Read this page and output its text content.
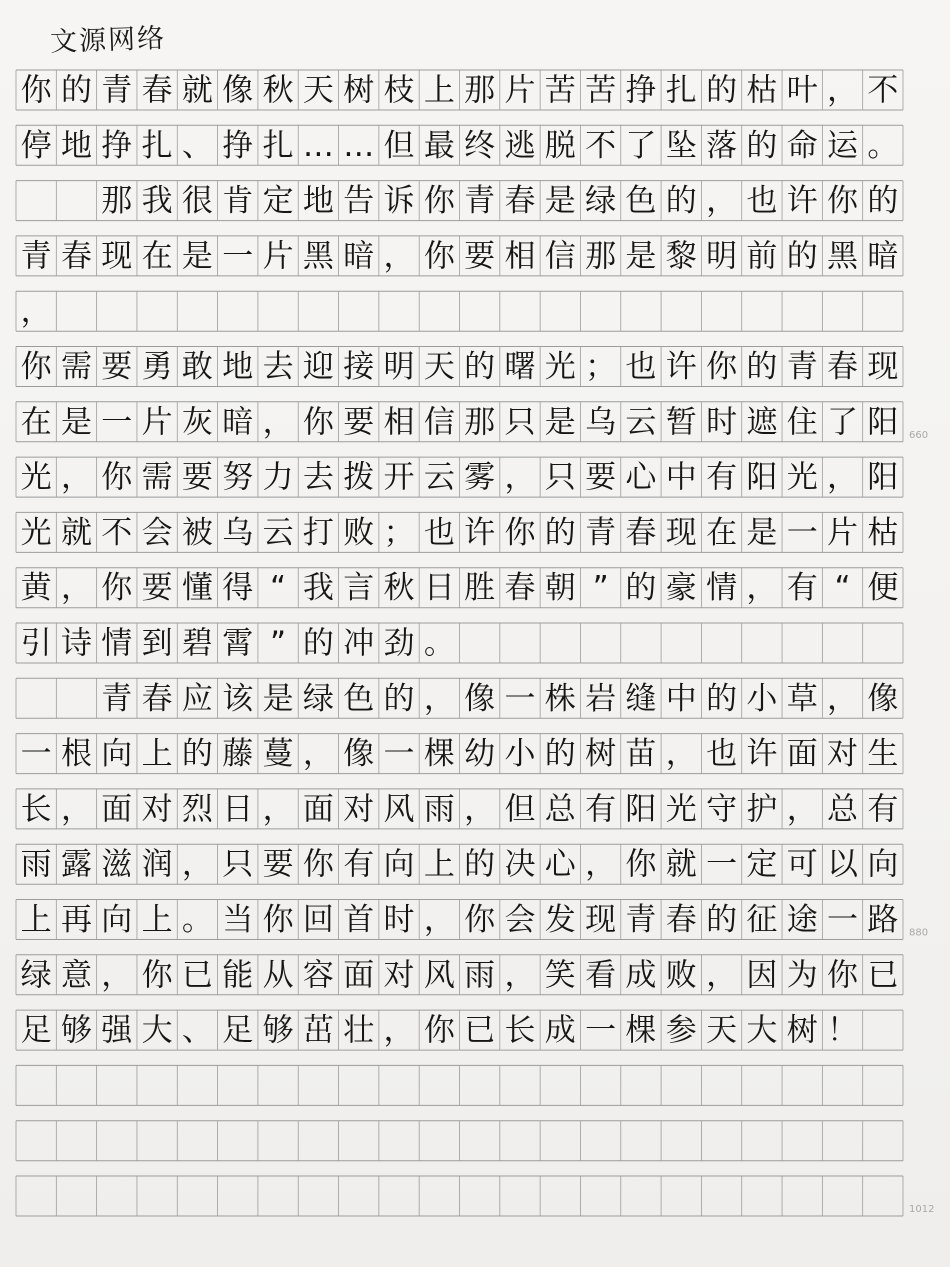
文源网络
你 的 青 春 就 像 秋 天 树 枝 上 那 片 苦 苦 挣 扎 的 枯 叶 ， 不
停 地 挣 扎 、 挣 扎 … … 但 最 终 逃 脱 不 了 坠 落 的 命 运 。
那 我 很 肯 定 地 告 诉 你 青 春 是 绿 色 的 ， 也 许 你 的
青 春 现 在 是 一 片 黑 暗 ， 你 要 相 信 那 是 黎 明 前 的 黑 暗
，
你 需 要 勇 敢 地 去 迎 接 明 天 的 曙 光 ； 也 许 你 的 青 春 现
在 是 一 片 灰 暗 ， 你 要 相 信 那 只 是 乌 云 暂 时 遮 住 了 阳
光 ， 你 需 要 努 力 去 拨 开 云 雾 ， 只 要 心 中 有 阳 光 ， 阳
光 就 不 会 被 乌 云 打 败 ； 也 许 你 的 青 春 现 在 是 一 片 枯
黄 ， 你 要 懂 得 “ 我 言 秋 日 胜 春 朝 ” 的 豪 情 ， 有 “ 便
引 诗 情 到 碧 霄 ” 的 冲 劲 。
青 春 应 该 是 绿 色 的 ， 像 一 株 岩 缝 中 的 小 草 ， 像
一 根 向 上 的 藤 蔓 ， 像 一 棵 幼 小 的 树 苗 ， 也 许 面 对 生
长 ， 面 对 烈 日 ， 面 对 风 雨 ， 但 总 有 阳 光 守 护 ， 总 有
雨 露 滋 润 ， 只 要 你 有 向 上 的 决 心 ， 你 就 一 定 可 以 向
上 再 向 上 。 当 你 回 首 时 ， 你 会 发 现 青 春 的 征 途 一 路
绿 意 ， 你 已 能 从 容 面 对 风 雨 ， 笑 看 成 败 ， 因 为 你 已
足 够 强 大 、 足 够 茁 壮 ， 你 已 长 成 一 棵 参 天 大 树 ！
660
880
1012
